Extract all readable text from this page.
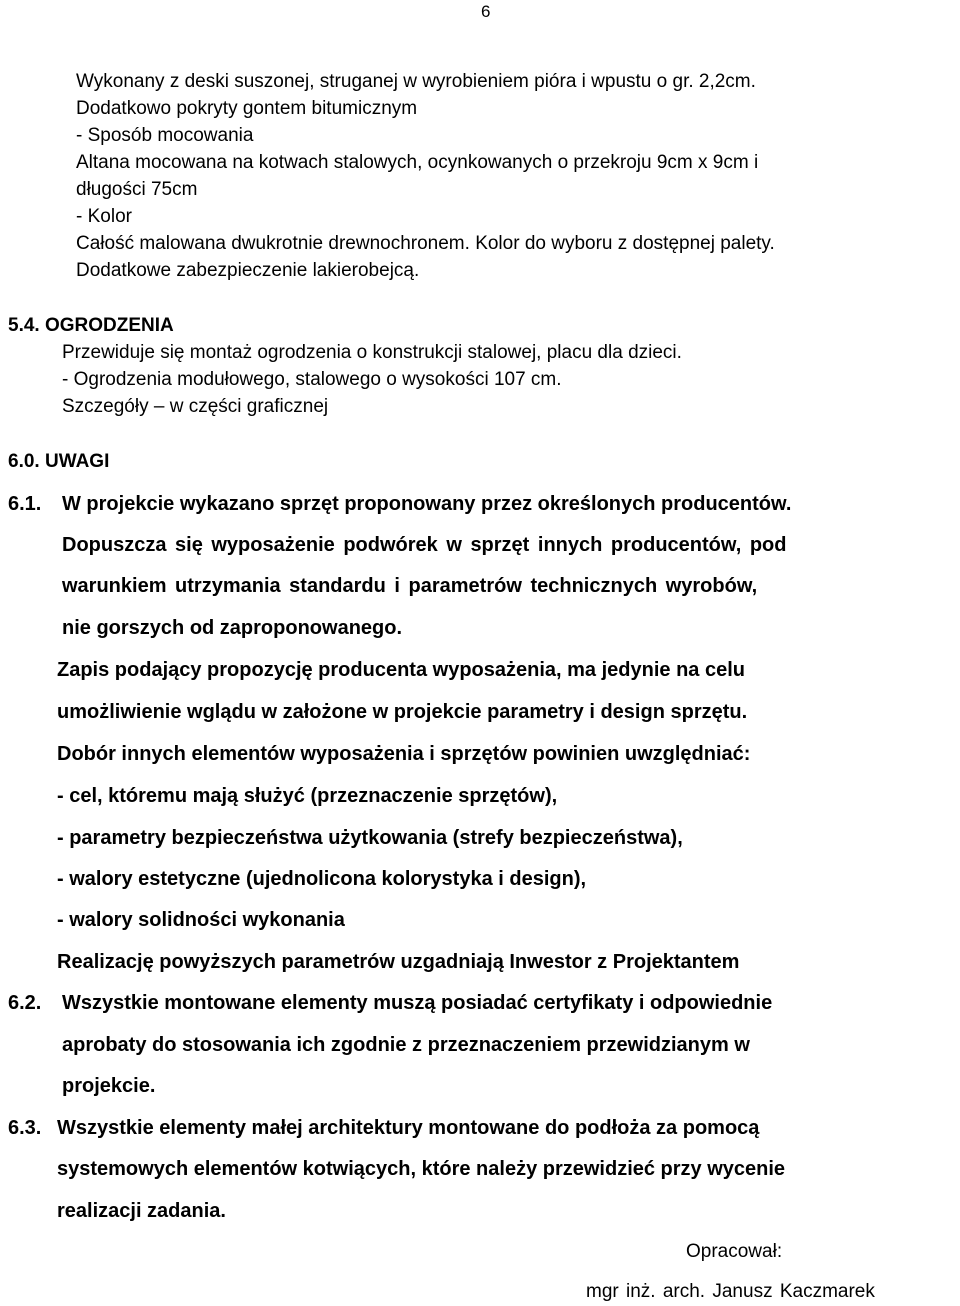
6
Wykonany z deski suszonej, struganej w wyrobieniem pióra i wpustu o gr. 2,2cm.
Dodatkowo pokryty gontem bitumicznym
- Sposób mocowania
Altana mocowana na kotwach stalowych, ocynkowanych o przekroju 9cm x 9cm i
długości 75cm
- Kolor
Całość malowana dwukrotnie drewnochronem. Kolor do wyboru z dostępnej palety.
Dodatkowe zabezpieczenie lakierobejcą.
5.4. OGRODZENIA
Przewiduje się montaż ogrodzenia o konstrukcji stalowej, placu dla dzieci.
- Ogrodzenia modułowego, stalowego o wysokości 107 cm.
Szczegóły – w części graficznej
6.0. UWAGI
6.1. W projekcie wykazano sprzęt proponowany przez określonych producentów.
Dopuszcza się wyposażenie podwórek w sprzęt innych producentów, pod
warunkiem utrzymania standardu i parametrów technicznych wyrobów,
nie gorszych od zaproponowanego.
Zapis podający propozycję producenta wyposażenia, ma jedynie na celu
umożliwienie wglądu w założone w projekcie parametry i design sprzętu.
Dobór innych elementów wyposażenia i sprzętów powinien uwzględniać:
- cel, któremu mają służyć (przeznaczenie sprzętów),
- parametry bezpieczeństwa użytkowania (strefy bezpieczeństwa),
- walory estetyczne (ujednolicona kolorystyka i design),
- walory solidności wykonania
Realizację powyższych parametrów uzgadniają Inwestor z Projektantem
6.2. Wszystkie montowane elementy muszą posiadać certyfikaty i odpowiednie
aprobaty do stosowania ich zgodnie z przeznaczeniem przewidzianym w
projekcie.
6.3. Wszystkie elementy małej architektury montowane do podłoża za pomocą
systemowych elementów kotwiących, które należy przewidzieć przy wycenie
realizacji zadania.
Opracował:
mgr inż. arch. Janusz Kaczmarek
